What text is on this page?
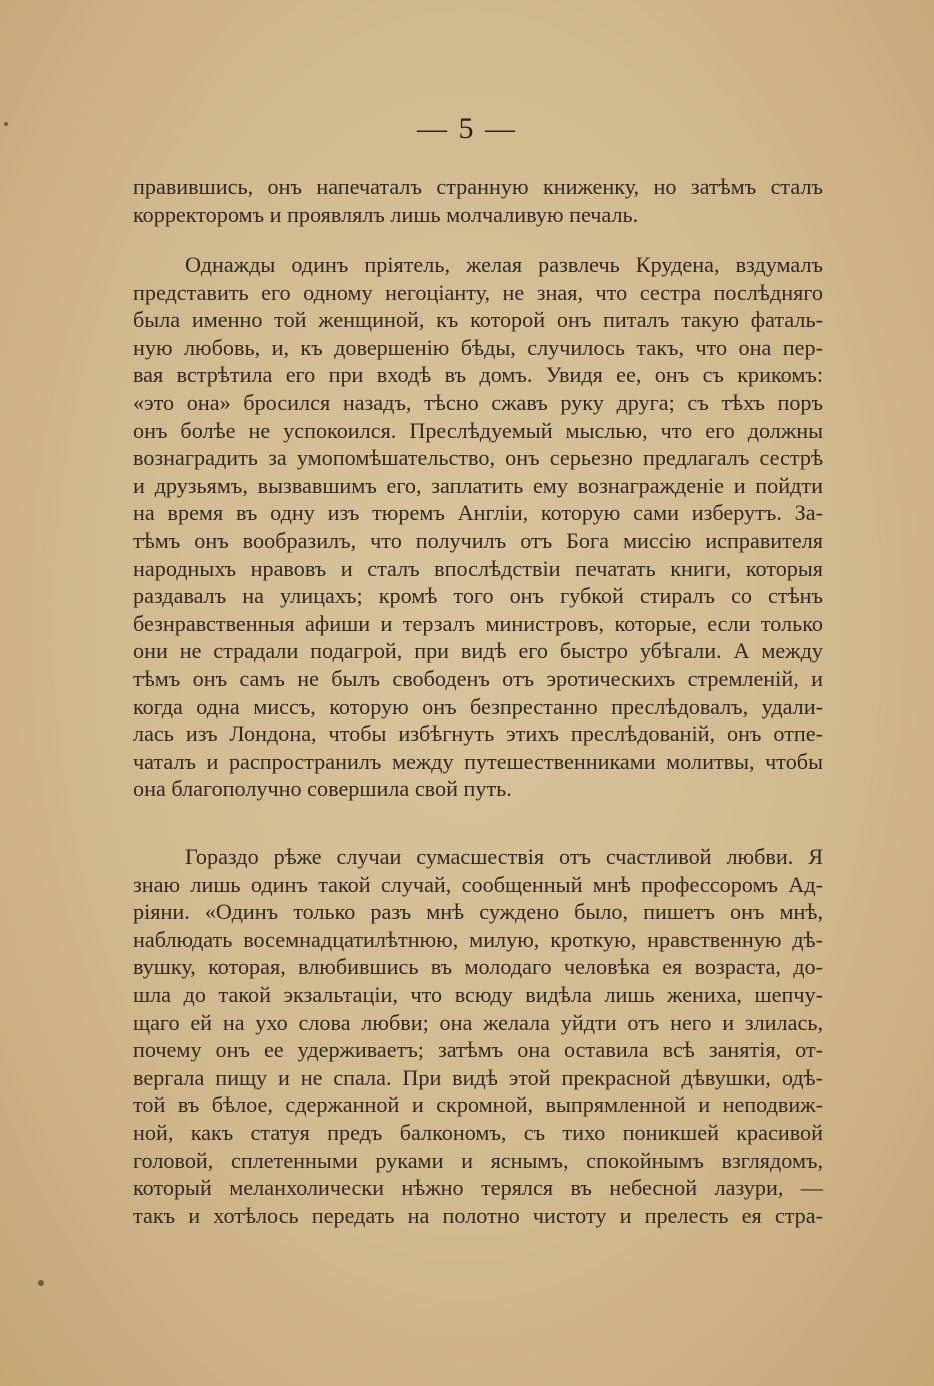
— 5 —
правившись, онъ напечаталъ странную книженку, но затѣмъ сталъ
корректоромъ и проявлялъ лишь молчаливую печаль.
Однажды одинъ пріятель, желая развлечь Крудена, вздумалъ
представить его одному негоціанту, не зная, что сестра послѣдняго
была именно той женщиной, къ которой онъ питалъ такую фаталь-
ную любовь, и, къ довершенію бѣды, случилось такъ, что она пер-
вая встрѣтила его при входѣ въ домъ. Увидя ее, онъ съ крикомъ:
«это она» бросился назадъ, тѣсно сжавъ руку друга; съ тѣхъ поръ
онъ болѣе не успокоился. Преслѣдуемый мыслью, что его должны
вознаградить за умопомѣшательство, онъ серьезно предлагалъ сестрѣ
и друзьямъ, вызвавшимъ его, заплатить ему вознагражденіе и пойдти
на время въ одну изъ тюремъ Англіи, которую сами изберутъ. За-
тѣмъ онъ вообразилъ, что получилъ отъ Бога миссію исправителя
народныхъ нравовъ и сталъ впослѣдствіи печатать книги, которыя
раздавалъ на улицахъ; кромѣ того онъ губкой стиралъ со стѣнъ
безнравственныя афиши и терзалъ министровъ, которые, если только
они не страдали подагрой, при видѣ его быстро убѣгали. А между
тѣмъ онъ самъ не былъ свободенъ отъ эротическихъ стремленій, и
когда одна миссъ, которую онъ безпрестанно преслѣдовалъ, удали-
лась изъ Лондона, чтобы избѣгнуть этихъ преслѣдованій, онъ отпе-
чаталъ и распространилъ между путешественниками молитвы, чтобы
она благополучно совершила свой путь.
Гораздо рѣже случаи сумасшествія отъ счастливой любви. Я
знаю лишь одинъ такой случай, сообщенный мнѣ профессоромъ Ад-
ріяни. «Одинъ только разъ мнѣ суждено было, пишетъ онъ мнѣ,
наблюдать восемнадцатилѣтнюю, милую, кроткую, нравственную дѣ-
вушку, которая, влюбившись въ молодаго человѣка ея возраста, до-
шла до такой экзальтаціи, что всюду видѣла лишь жениха, шепчу-
щаго ей на ухо слова любви; она желала уйдти отъ него и злилась,
почему онъ ее удерживаетъ; затѣмъ она оставила всѣ занятія, от-
вергала пищу и не спала. При видѣ этой прекрасной дѣвушки, одѣ-
той въ бѣлое, сдержанной и скромной, выпрямленной и неподвиж-
ной, какъ статуя предъ балкономъ, съ тихо поникшей красивой
головой, сплетенными руками и яснымъ, спокойнымъ взглядомъ,
который меланхолически нѣжно терялся въ небесной лазури, —
такъ и хотѣлось передать на полотно чистоту и прелесть ея стра-
